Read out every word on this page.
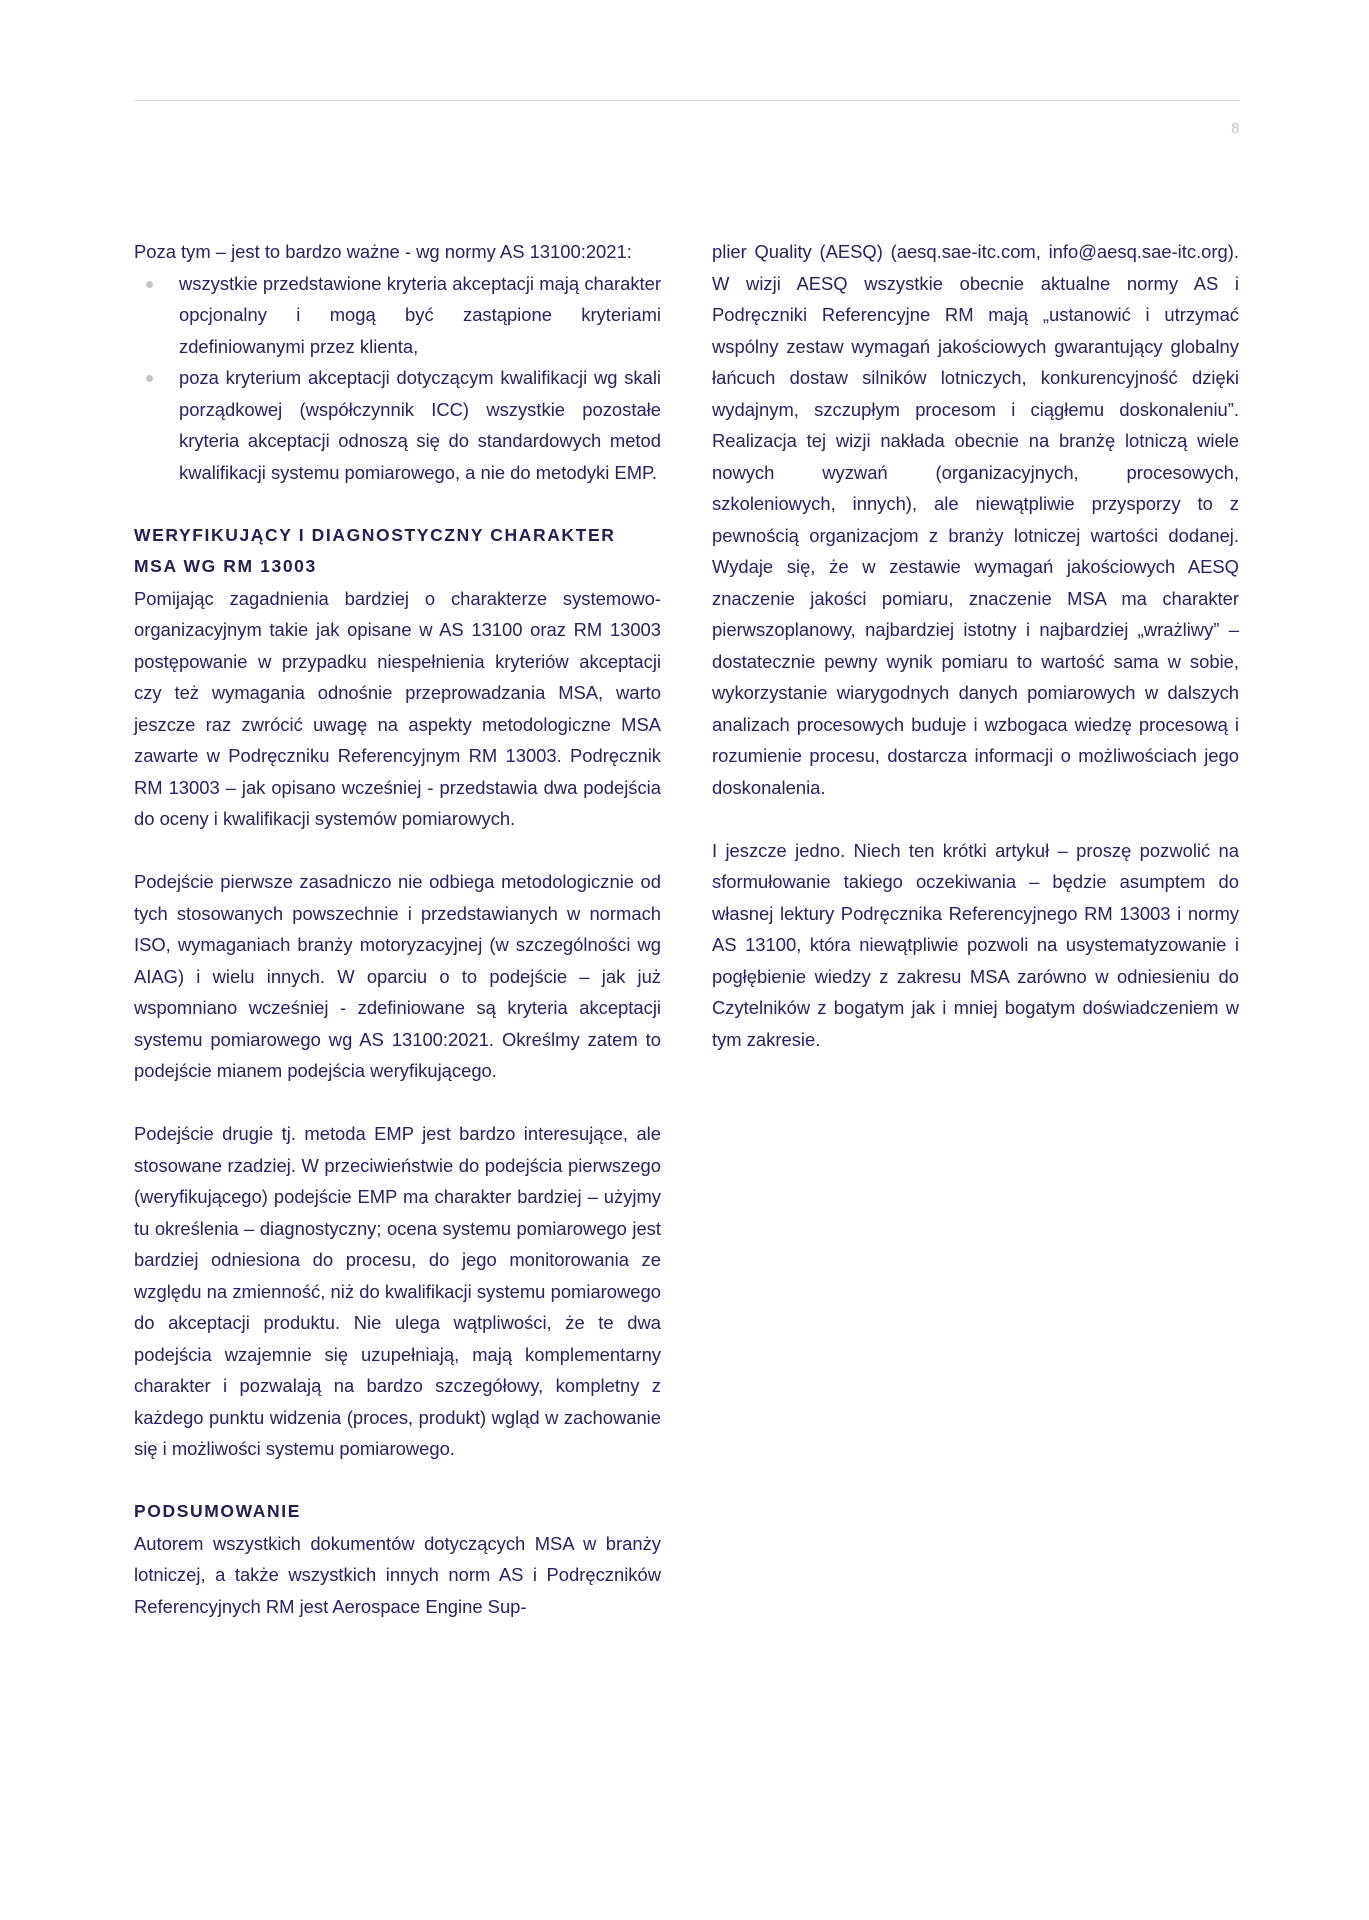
8

Poza tym – jest to bardzo ważne - wg normy AS 13100:2021:

wszystkie przedstawione kryteria akceptacji mają charakter opcjonalny i mogą być zastąpione kryteriami zdefiniowanymi przez klienta,
poza kryterium akceptacji dotyczącym kwalifikacji wg skali porządkowej (współczynnik ICC) wszystkie pozostałe kryteria akceptacji odnoszą się do standardowych metod kwalifikacji systemu pomiarowego, a nie do metodyki EMP.
WERYFIKUJĄCY I DIAGNOSTYCZNY CHARAKTER MSA WG RM 13003

Pomijając zagadnienia bardziej o charakterze systemowo-organizacyjnym takie jak opisane w AS 13100 oraz RM 13003 postępowanie w przypadku niespełnienia kryteriów akceptacji czy też wymagania odnośnie przeprowadzania MSA, warto jeszcze raz zwrócić uwagę na aspekty metodologiczne MSA zawarte w Podręczniku Referencyjnym RM 13003. Podręcznik RM 13003 – jak opisano wcześniej - przedstawia dwa podejścia do oceny i kwalifikacji systemów pomiarowych.

Podejście pierwsze zasadniczo nie odbiega metodologicznie od tych stosowanych powszechnie i przedstawianych w normach ISO, wymaganiach branży motoryzacyjnej (w szczególności wg AIAG) i wielu innych. W oparciu o to podejście – jak już wspomniano wcześniej - zdefiniowane są kryteria akceptacji systemu pomiarowego wg AS 13100:2021. Określmy zatem to podejście mianem podejścia weryfikującego.

Podejście drugie tj. metoda EMP jest bardzo interesujące, ale stosowane rzadziej. W przeciwieństwie do podejścia pierwszego (weryfikującego) podejście EMP ma charakter bardziej – użyjmy tu określenia – diagnostyczny; ocena systemu pomiarowego jest bardziej odniesiona do procesu, do jego monitorowania ze względu na zmienność, niż do kwalifikacji systemu pomiarowego do akceptacji produktu. Nie ulega wątpliwości, że te dwa podejścia wzajemnie się uzupełniają, mają komplementarny charakter i pozwalają na bardzo szczegółowy, kompletny z każdego punktu widzenia (proces, produkt) wgląd w zachowanie się i możliwości systemu pomiarowego.

PODSUMOWANIE

Autorem wszystkich dokumentów dotyczących MSA w branży lotniczej, a także wszystkich innych norm AS i Podręczników Referencyjnych RM jest Aerospace Engine Sup-

plier Quality (AESQ) (aesq.sae-itc.com, info@aesq.sae-itc.org). W wizji AESQ wszystkie obecnie aktualne normy AS i Podręczniki Referencyjne RM mają „ustanowić i utrzymać wspólny zestaw wymagań jakościowych gwarantujący globalny łańcuch dostaw silników lotniczych, konkurencyjność dzięki wydajnym, szczupłym procesom i ciągłemu doskonaleniu”. Realizacja tej wizji nakłada obecnie na branżę lotniczą wiele nowych wyzwań (organizacyjnych, procesowych, szkoleniowych, innych), ale niewątpliwie przysporzy to z pewnością organizacjom z branży lotniczej wartości dodanej. Wydaje się, że w zestawie wymagań jakościowych AESQ znaczenie jakości pomiaru, znaczenie MSA ma charakter pierwszoplanowy, najbardziej istotny i najbardziej „wrażliwy” – dostatecznie pewny wynik pomiaru to wartość sama w sobie, wykorzystanie wiarygodnych danych pomiarowych w dalszych analizach procesowych buduje i wzbogaca wiedzę procesową i rozumienie procesu, dostarcza informacji o możliwościach jego doskonalenia.

I jeszcze jedno. Niech ten krótki artykuł – proszę pozwolić na sformułowanie takiego oczekiwania – będzie asumptem do własnej lektury Podręcznika Referencyjnego RM 13003 i normy AS 13100, która niewątpliwie pozwoli na usystematyzowanie i pogłębienie wiedzy z zakresu MSA zarówno w odniesieniu do Czytelników z bogatym jak i mniej bogatym doświadczeniem w tym zakresie.
